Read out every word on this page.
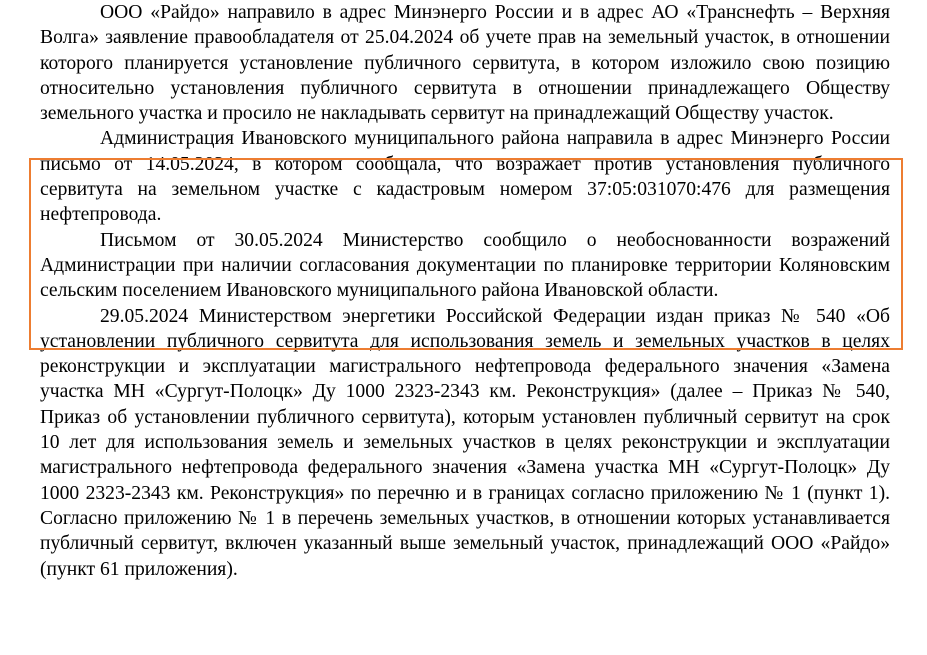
ООО «Райдо» направило в адрес Минэнерго России и в адрес АО «Транснефть – Верхняя Волга» заявление правообладателя от 25.04.2024 об учете прав на земельный участок, в отношении которого планируется установление публичного сервитута, в котором изложило свою позицию относительно установления публичного сервитута в отношении принадлежащего Обществу земельного участка и просило не накладывать сервитут на принадлежащий Обществу участок.

Администрация Ивановского муниципального района направила в адрес Минэнерго России письмо от 14.05.2024, в котором сообщала, что возражает против установления публичного сервитута на земельном участке с кадастровым номером 37:05:031070:476 для размещения нефтепровода.

Письмом от 30.05.2024 Министерство сообщило о необоснованности возражений Администрации при наличии согласования документации по планировке территории Коляновским сельским поселением Ивановского муниципального района Ивановской области.

29.05.2024 Министерством энергетики Российской Федерации издан приказ № 540 «Об установлении публичного сервитута для использования земель и земельных участков в целях реконструкции и эксплуатации магистрального нефтепровода федерального значения «Замена участка МН «Сургут-Полоцк» Ду 1000 2323-2343 км. Реконструкция» (далее – Приказ № 540, Приказ об установлении публичного сервитута), которым установлен публичный сервитут на срок 10 лет для использования земель и земельных участков в целях реконструкции и эксплуатации магистрального нефтепровода федерального значения «Замена участка МН «Сургут-Полоцк» Ду 1000 2323-2343 км. Реконструкция» по перечню и в границах согласно приложению № 1 (пункт 1). Согласно приложению № 1 в перечень земельных участков, в отношении которых устанавливается публичный сервитут, включен указанный выше земельный участок, принадлежащий ООО «Райдо» (пункт 61 приложения).
